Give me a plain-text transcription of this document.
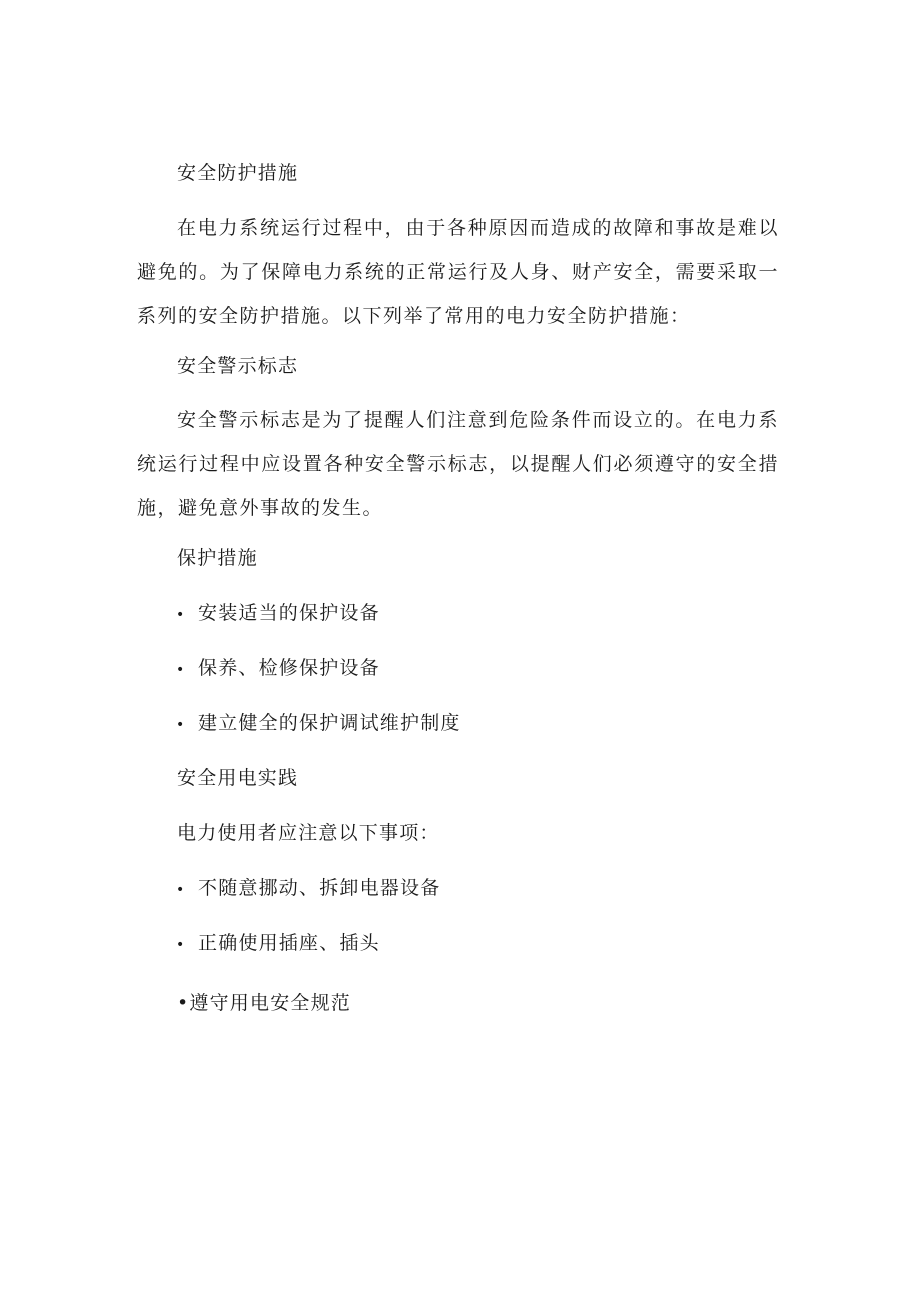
安全防护措施

在电力系统运行过程中，由于各种原因而造成的故障和事故是难以避免的。为了保障电力系统的正常运行及人身、财产安全，需要采取一系列的安全防护措施。以下列举了常用的电力安全防护措施：

安全警示标志

安全警示标志是为了提醒人们注意到危险条件而设立的。在电力系统运行过程中应设置各种安全警示标志，以提醒人们必须遵守的安全措施，避免意外事故的发生。

保护措施
• 安装适当的保护设备
• 保养、检修保护设备
• 建立健全的保护调试维护制度
安全用电实践
电力使用者应注意以下事项：
• 不随意挪动、拆卸电器设备
• 正确使用插座、插头
•遵守用电安全规范
